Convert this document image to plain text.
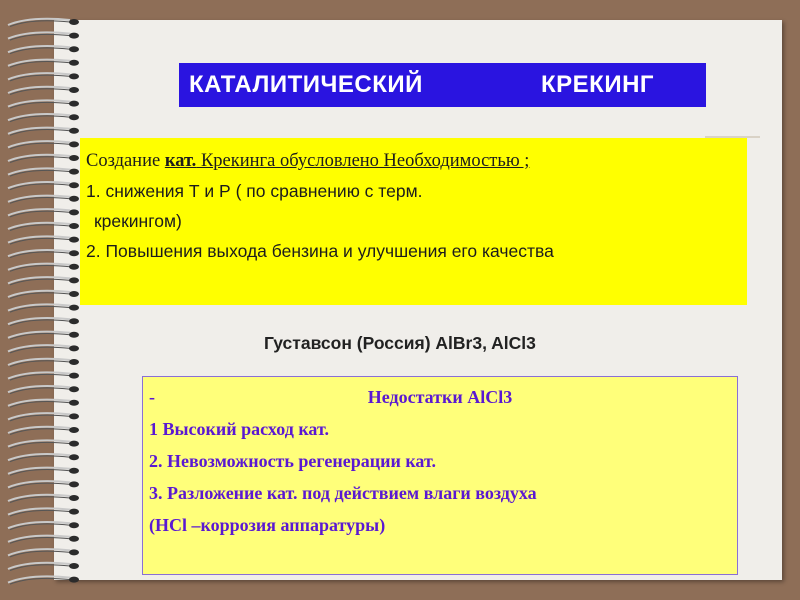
КАТАЛИТИЧЕСКИЙ	КРЕКИНГ
Создание кат. Крекинга обусловлено Необходимостью ;
1. снижения Т и Р ( по сравнению с терм.
крекингом)
2. Повышения выхода бензина и улучшения его качества
Густавсон (Россия) AlBr3, AlCl3
-	Недостатки AlCl3
1 Высокий расход кат.
2. Невозможность регенерации кат.
3. Разложение кат. под действием влаги воздуха
(HCl –коррозия аппаратуры)
